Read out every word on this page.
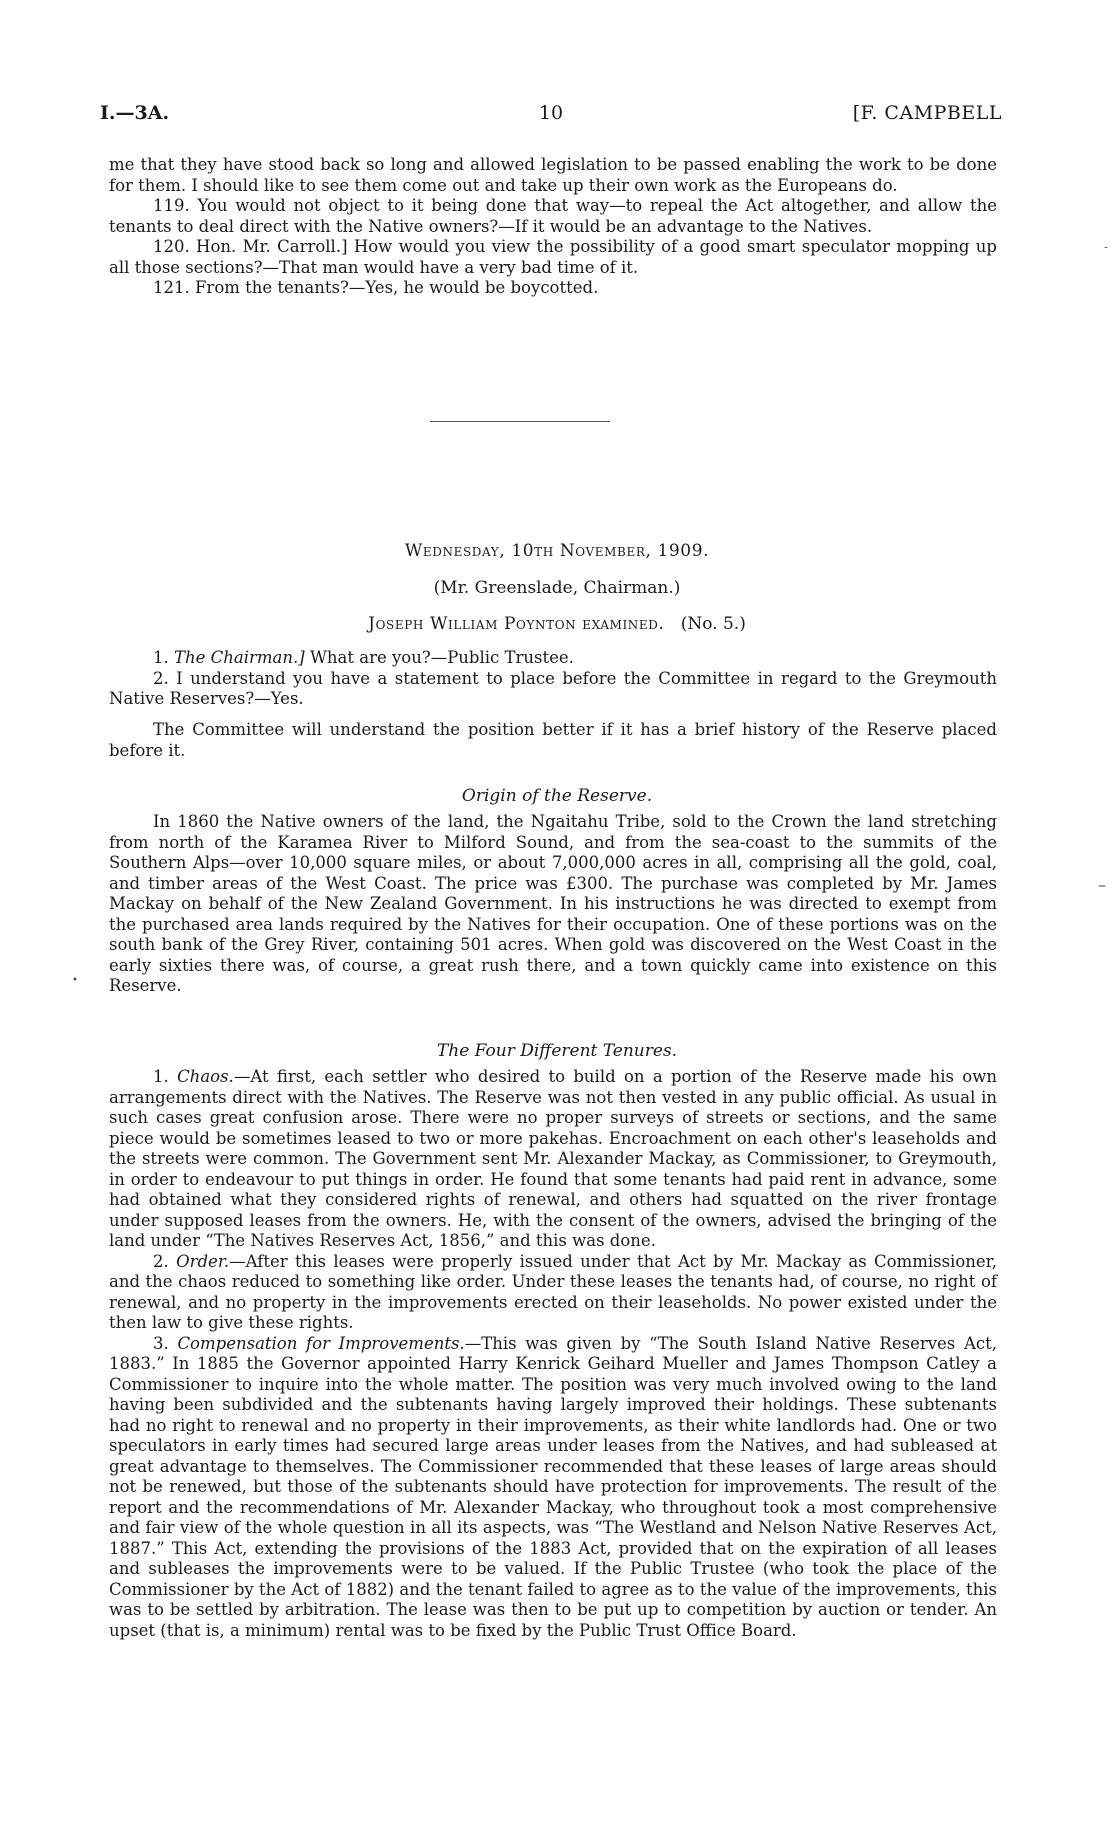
I.—3A.	10	[F. CAMPBELL

me that they have stood back so long and allowed legislation to be passed enabling the work to be done for them. I should like to see them come out and take up their own work as the Europeans do.

119. You would not object to it being done that way—to repeal the Act altogether, and allow the tenants to deal direct with the Native owners?—If it would be an advantage to the Natives.

120. Hon. Mr. Carroll.] How would you view the possibility of a good smart speculator mopping up all those sections?—That man would have a very bad time of it.

121. From the tenants?—Yes, he would be boycotted.

Wednesday, 10th November, 1909.
(Mr. Greenslade, Chairman.)
Joseph William Poynton examined. (No. 5.)

1. The Chairman.] What are you?—Public Trustee.

2. I understand you have a statement to place before the Committee in regard to the Greymouth Native Reserves?—Yes.

The Committee will understand the position better if it has a brief history of the Reserve placed before it.

Origin of the Reserve.

In 1860 the Native owners of the land, the Ngaitahu Tribe, sold to the Crown the land stretching from north of the Karamea River to Milford Sound, and from the sea-coast to the summits of the Southern Alps—over 10,000 square miles, or about 7,000,000 acres in all, comprising all the gold, coal, and timber areas of the West Coast. The price was £300. The purchase was completed by Mr. James Mackay on behalf of the New Zealand Government. In his instructions he was directed to exempt from the purchased area lands required by the Natives for their occupation. One of these portions was on the south bank of the Grey River, containing 501 acres. When gold was discovered on the West Coast in the early sixties there was, of course, a great rush there, and a town quickly came into existence on this Reserve.

•
-
–
The Four Different Tenures.

1. Chaos.—At first, each settler who desired to build on a portion of the Reserve made his own arrangements direct with the Natives. The Reserve was not then vested in any public official. As usual in such cases great confusion arose. There were no proper surveys of streets or sections, and the same piece would be sometimes leased to two or more pakehas. Encroachment on each other's leaseholds and the streets were common. The Government sent Mr. Alexander Mackay, as Commissioner, to Greymouth, in order to endeavour to put things in order. He found that some tenants had paid rent in advance, some had obtained what they considered rights of renewal, and others had squatted on the river frontage under supposed leases from the owners. He, with the consent of the owners, advised the bringing of the land under “The Natives Reserves Act, 1856,” and this was done.

2. Order.—After this leases were properly issued under that Act by Mr. Mackay as Commissioner, and the chaos reduced to something like order. Under these leases the tenants had, of course, no right of renewal, and no property in the improvements erected on their leaseholds. No power existed under the then law to give these rights.

3. Compensation for Improvements.—This was given by “The South Island Native Reserves Act, 1883.” In 1885 the Governor appointed Harry Kenrick Geihard Mueller and James Thompson Catley a Commissioner to inquire into the whole matter. The position was very much involved owing to the land having been subdivided and the subtenants having largely improved their holdings. These subtenants had no right to renewal and no property in their improvements, as their white landlords had. One or two speculators in early times had secured large areas under leases from the Natives, and had subleased at great advantage to themselves. The Commissioner recommended that these leases of large areas should not be renewed, but those of the subtenants should have protection for improvements. The result of the report and the recommendations of Mr. Alexander Mackay, who throughout took a most comprehensive and fair view of the whole question in all its aspects, was “The Westland and Nelson Native Reserves Act, 1887.” This Act, extending the provisions of the 1883 Act, provided that on the expiration of all leases and subleases the improvements were to be valued. If the Public Trustee (who took the place of the Commissioner by the Act of 1882) and the tenant failed to agree as to the value of the improvements, this was to be settled by arbitration. The lease was then to be put up to competition by auction or tender. An upset (that is, a minimum) rental was to be fixed by the Public Trust Office Board.
